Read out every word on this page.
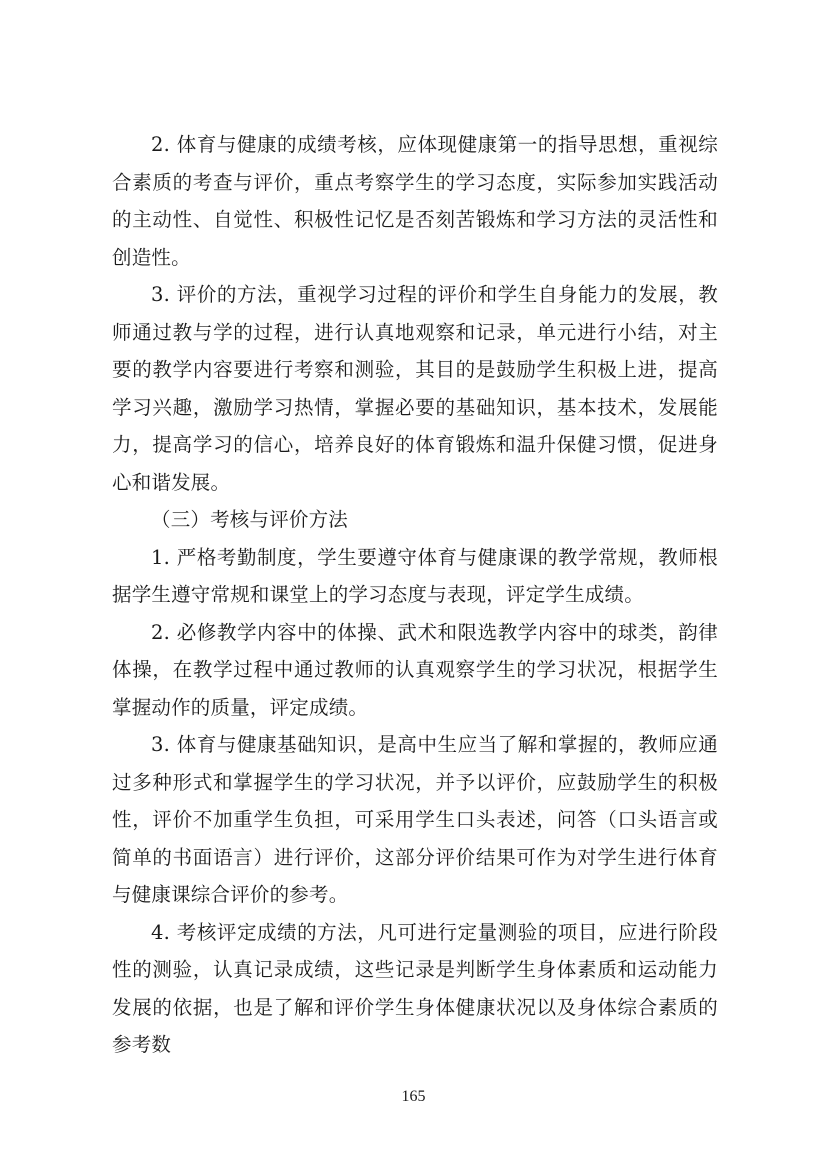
2. 体育与健康的成绩考核，应体现健康第一的指导思想，重视综合素质的考查与评价，重点考察学生的学习态度，实际参加实践活动的主动性、自觉性、积极性记忆是否刻苦锻炼和学习方法的灵活性和创造性。

3. 评价的方法，重视学习过程的评价和学生自身能力的发展，教师通过教与学的过程，进行认真地观察和记录，单元进行小结，对主要的教学内容要进行考察和测验，其目的是鼓励学生积极上进，提高学习兴趣，激励学习热情，掌握必要的基础知识，基本技术，发展能力，提高学习的信心，培养良好的体育锻炼和温升保健习惯，促进身心和谐发展。

（三）考核与评价方法

1. 严格考勤制度，学生要遵守体育与健康课的教学常规，教师根据学生遵守常规和课堂上的学习态度与表现，评定学生成绩。

2. 必修教学内容中的体操、武术和限选教学内容中的球类，韵律体操，在教学过程中通过教师的认真观察学生的学习状况，根据学生掌握动作的质量，评定成绩。

3. 体育与健康基础知识，是高中生应当了解和掌握的，教师应通过多种形式和掌握学生的学习状况，并予以评价，应鼓励学生的积极性，评价不加重学生负担，可采用学生口头表述，问答（口头语言或简单的书面语言）进行评价，这部分评价结果可作为对学生进行体育与健康课综合评价的参考。

4. 考核评定成绩的方法，凡可进行定量测验的项目，应进行阶段性的测验，认真记录成绩，这些记录是判断学生身体素质和运动能力发展的依据，也是了解和评价学生身体健康状况以及身体综合素质的参考数

165
